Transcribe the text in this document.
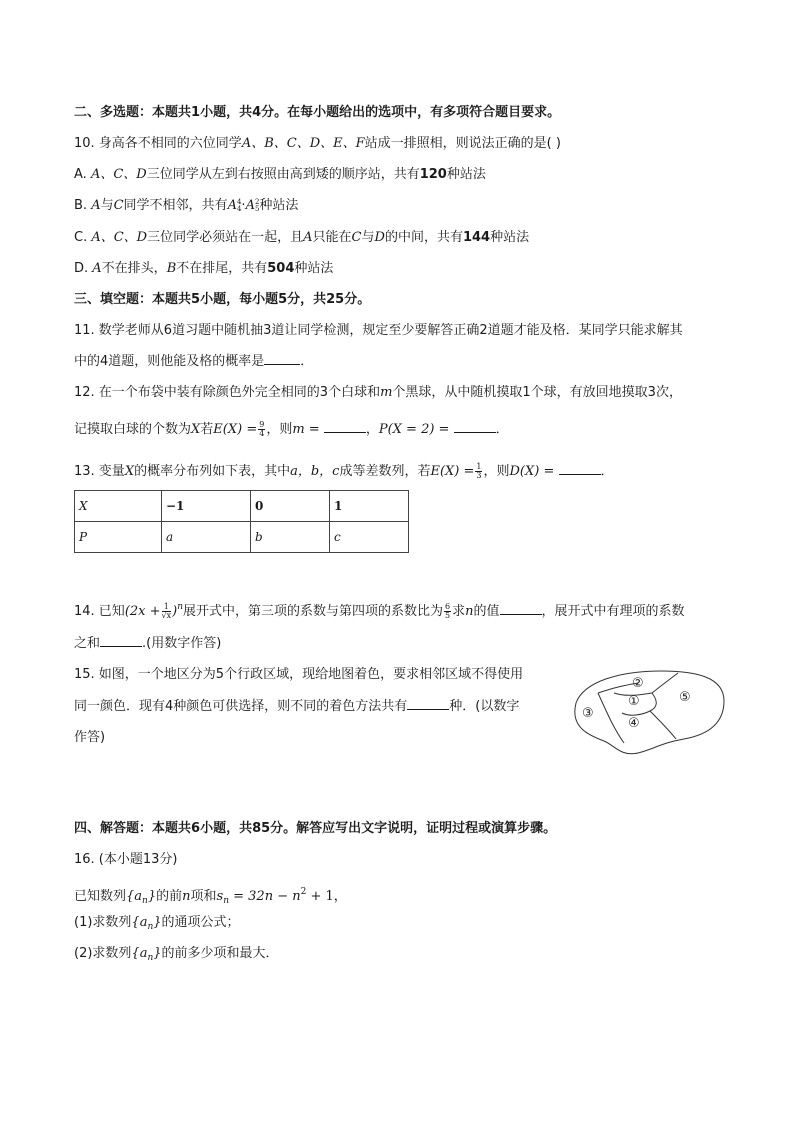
二、多选题：本题共1小题，共4分。在每小题给出的选项中，有多项符合题目要求。
10. 身高各不相同的六位同学A、B、C、D、E、F站成一排照相，则说法正确的是( )
A. A、C、D三位同学从左到右按照由高到矮的顺序站，共有120种站法
B. A与C同学不相邻，共有A 4
4 ·A 2
5 种站法
C. A、C、D三位同学必须站在一起，且A只能在C与D的中间，共有144种站法
D. A不在排头，B不在排尾，共有504种站法
三、填空题：本题共5小题，每小题5分，共25分。
11. 数学老师从6道习题中随机抽3道让同学检测，规定至少要解答正确2道题才能及格．某同学只能求解其
中的4道题，则他能及格的概率是	．
12. 在一个布袋中装有除颜色外完全相同的3个白球和m个黑球，从中随机摸取1个球，有放回地摸取3次，
记摸取白球的个数为X若$E(X) = \frac{9}{4}$ ，则m =	，P(X = 2) =	．
13. 变量X的概率分布列如下表，其中a，b，c成等差数列，若$E(X) = \frac{1}{3}$ ，则D(X) =	．
X	−1	0	1
P	a	b	c
14. 已知$(2x + \frac{1}{√x} )^n$展开式中，第三项的系数与第四项的系数比为 $\frac{6}{5}$ 求n的值	，展开式中有理项的系数
之和	.(用数字作答)
15. 如图，一个地区分为5个行政区域，现给地图着色，要求相邻区域不得使用
同一颜色．现有4种颜色可供选择，则不同的着色方法共有	种．(以数字
作答)
①
②
③
④
⑤
四、解答题：本题共6小题，共85分。解答应写出文字说明，证明过程或演算步骤。
16. (本小题13分)
已知数列$\{a_n\}$的前n项和$s_n = 32n - n^2 + 1$，
(1)求数列$\{a_n\}$的通项公式；
(2)求数列$\{a_n\}$的前多少项和最大．
